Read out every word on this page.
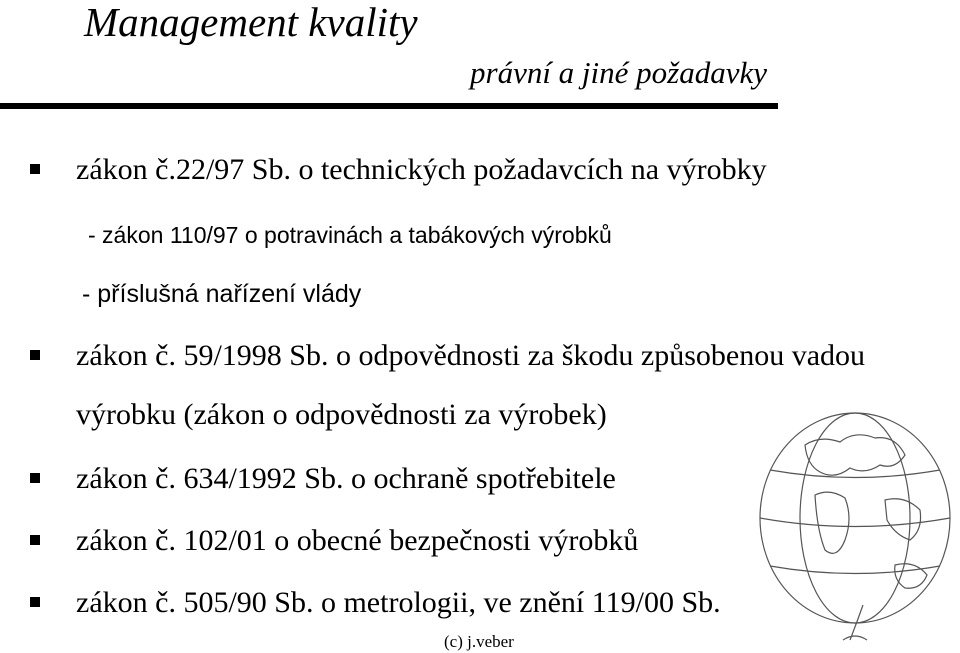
Management kvality
právní a jiné požadavky
zákon č.22/97 Sb. o technických požadavcích na výrobky
- zákon 110/97 o potravinách a tabákových výrobků
- příslušná nařízení vlády
zákon č. 59/1998 Sb. o odpovědnosti za škodu způsobenou vadou
výrobku (zákon o odpovědnosti za výrobek)
zákon č. 634/1992 Sb. o ochraně spotřebitele
zákon č. 102/01 o obecné bezpečnosti výrobků
zákon č. 505/90 Sb. o metrologii, ve znění 119/00 Sb.
(c) j.veber
